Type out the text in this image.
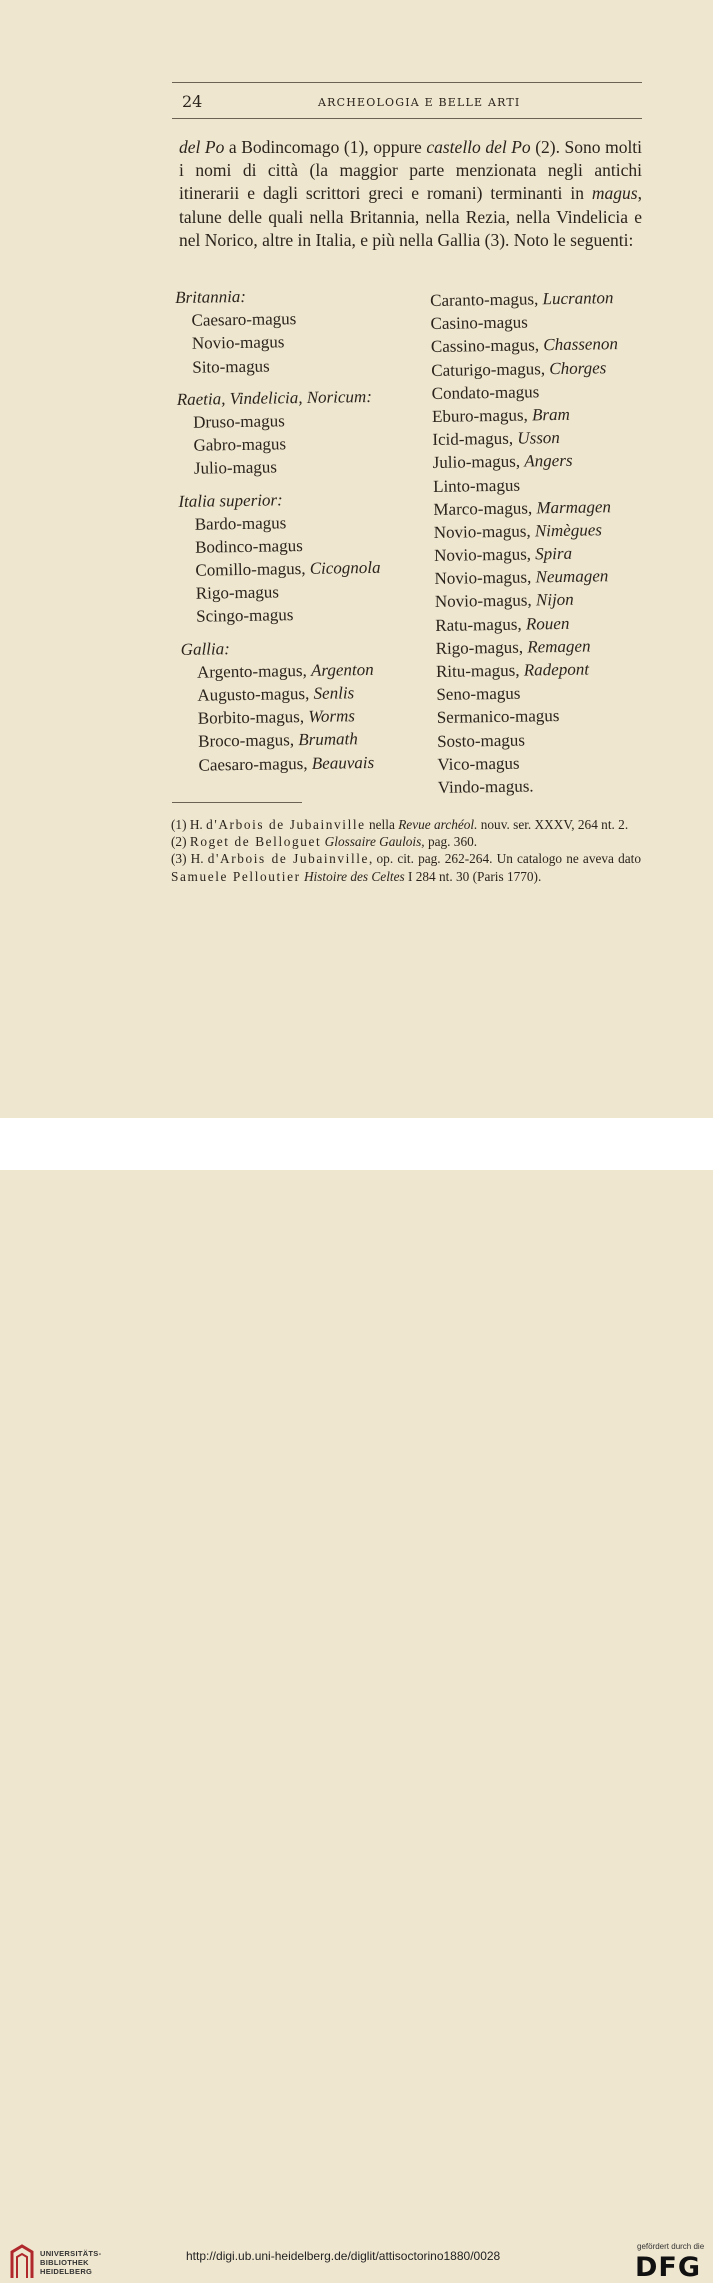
24	ARCHEOLOGIA E BELLE ARTI
del Po a Bodincomago (1), oppure castello del Po (2). Sono molti i nomi di città (la maggior parte menzionata negli antichi itinerarii e dagli scrittori greci e romani) terminanti in magus, talune delle quali nella Britannia, nella Rezia, nella Vindelicia e nel Norico, altre in Italia, e più nella Gallia (3). Noto le seguenti:
Britannia:
Caesaro-magus
Novio-magus
Sito-magus
Raetia, Vindelicia, Noricum:
Druso-magus
Gabro-magus
Julio-magus
Italia superior:
Bardo-magus
Bodinco-magus
Comillo-magus, Cicognola
Rigo-magus
Scingo-magus
Gallia:
Argento-magus, Argenton
Augusto-magus, Senlis
Borbito-magus, Worms
Broco-magus, Brumath
Caesaro-magus, Beauvais
Caranto-magus, Lucranton
Casino-magus
Cassino-magus, Chassenon
Caturigo-magus, Chorges
Condato-magus
Eburo-magus, Bram
Icid-magus, Usson
Julio-magus, Angers
Linto-magus
Marco-magus, Marmagen
Novio-magus, Nimègues
Novio-magus, Spira
Novio-magus, Neumagen
Novio-magus, Nijon
Ratu-magus, Rouen
Rigo-magus, Remagen
Ritu-magus, Radepont
Seno-magus
Sermanico-magus
Sosto-magus
Vico-magus
Vindo-magus.
(1) H. d'Arbois de Jubainville nella Revue archéol. nouv. ser. XXXV, 264 nt. 2.
(2) Roget de Belloguet Glossaire Gaulois, pag. 360.
(3) H. d'Arbois de Jubainville, op. cit. pag. 262-264. Un catalogo ne aveva dato Samuele Pelloutier Histoire des Celtes I 284 nt. 30 (Paris 1770).
UNIVERSITÄTS-
BIBLIOTHEK
HEIDELBERG
http://digi.ub.uni-heidelberg.de/diglit/attisoctorino1880/0028
gefördert durch die
DFG
